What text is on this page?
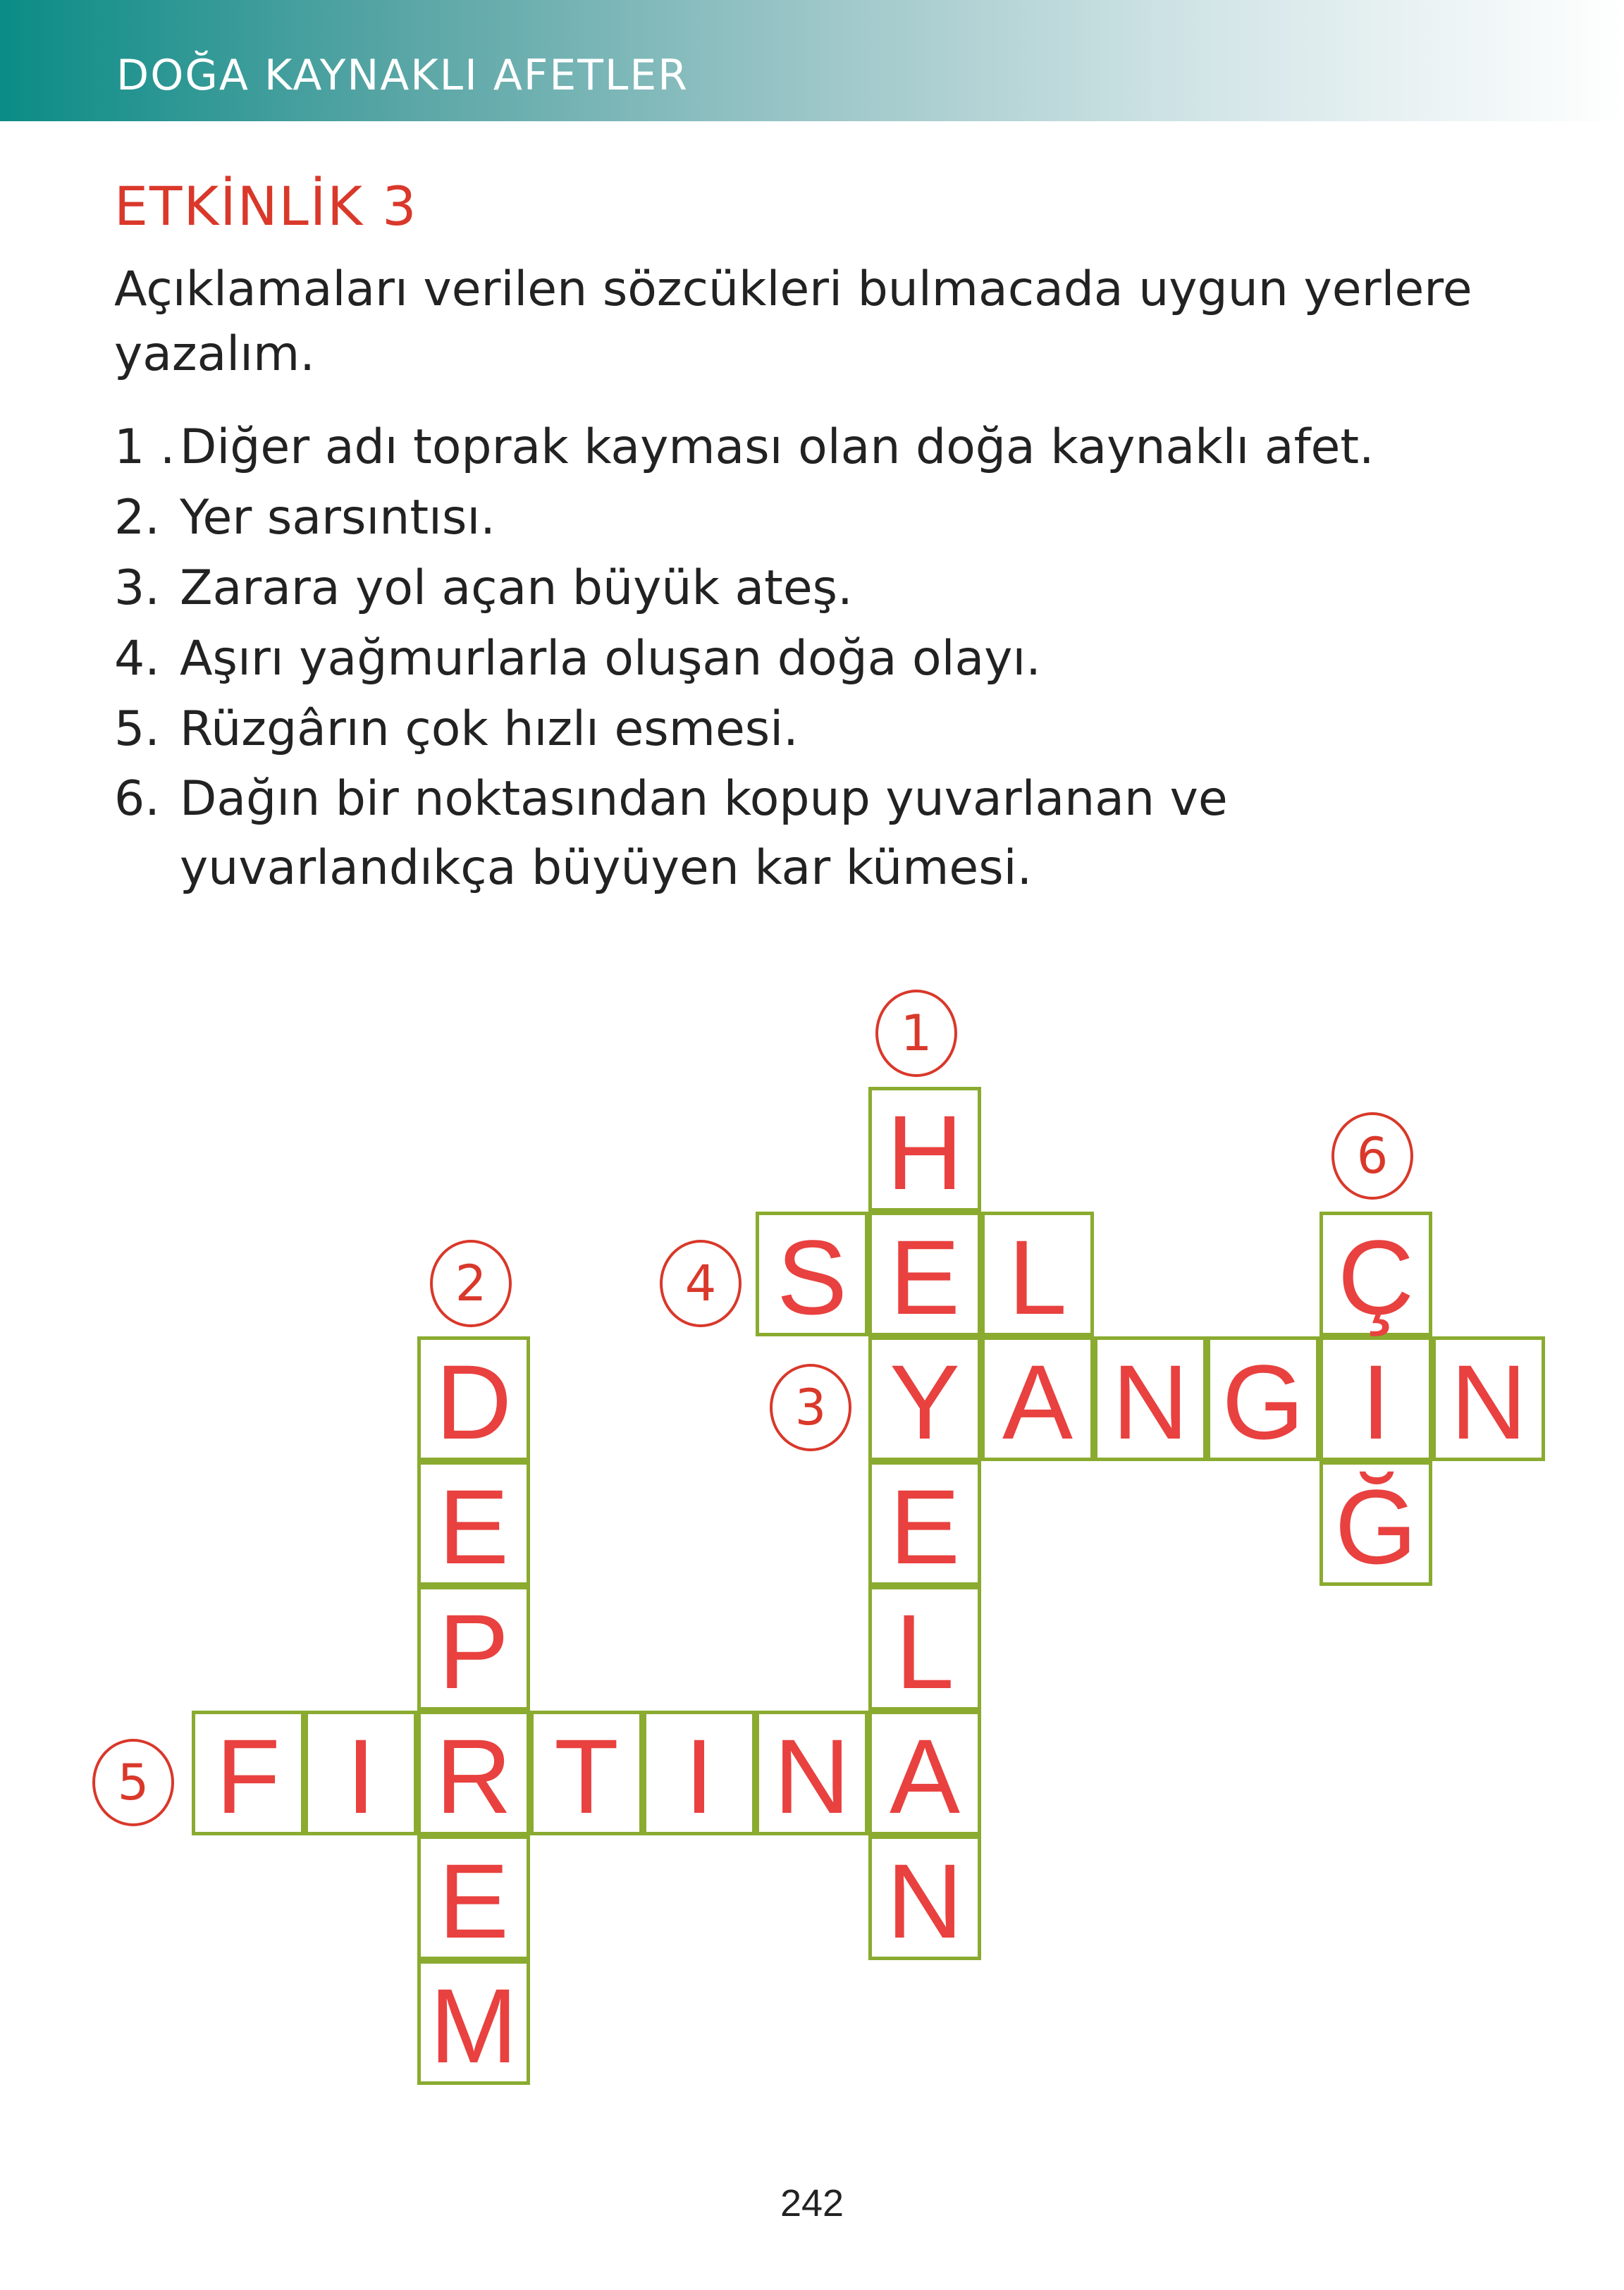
DOĞA KAYNAKLI AFETLER
ETKİNLİK 3
Açıklamaları verilen sözcükleri bulmacada uygun yerlere yazalım.
1 . Diğer adı toprak kayması olan doğa kaynaklı afet.
2. Yer sarsıntısı.
3. Zarara yol açan büyük ateş.
4. Aşırı yağmurlarla oluşan doğa olayı.
5. Rüzgârın çok hızlı esmesi.
6. Dağın bir noktasından kopup yuvarlanan ve yuvarlandıkça büyüyen kar kümesi.
H
E
Y
E
L
A
N
1
D
E
P
R
E
M
2
A N G I N
3
S L
4
F I	T I N
5
Ç
Ğ
6
242
